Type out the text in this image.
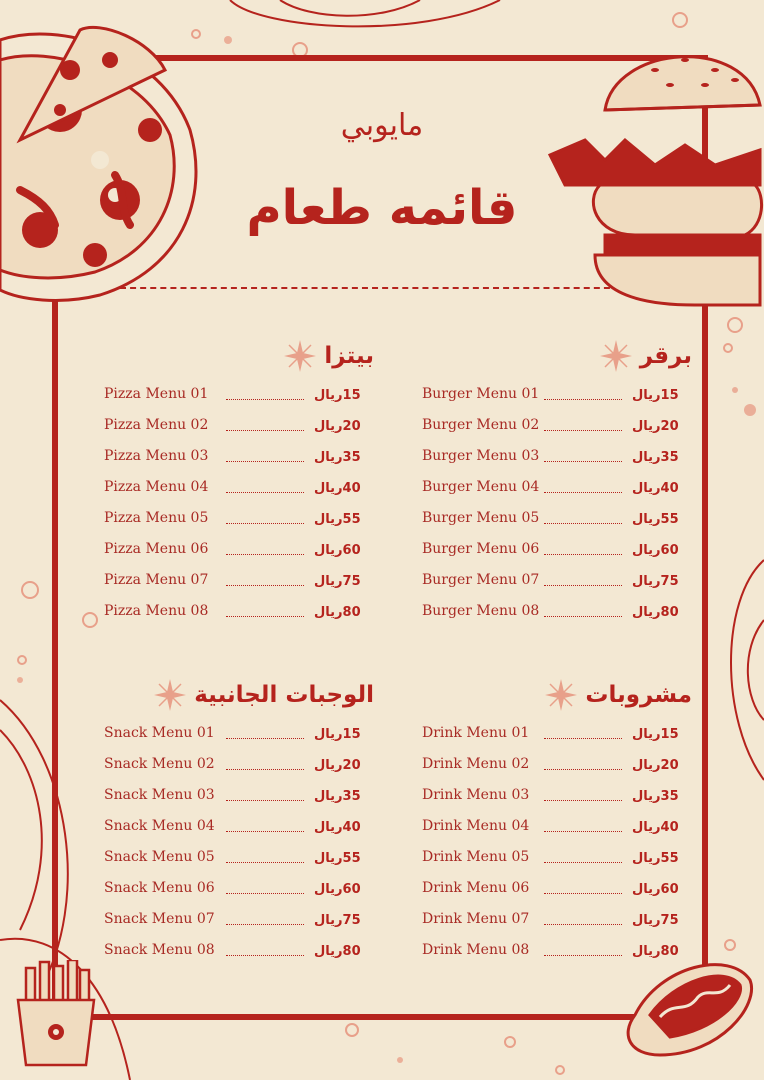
مايوبي
قائمه طعام
بيتزا
Pizza Menu 01	15ريال
Pizza Menu 02	20ريال
Pizza Menu 03	35ريال
Pizza Menu 04	40ريال
Pizza Menu 05	55ريال
Pizza Menu 06	60ريال
Pizza Menu 07	75ريال
Pizza Menu 08	80ريال
برقر
Burger Menu 01	15ريال
Burger Menu 02	20ريال
Burger Menu 03	35ريال
Burger Menu 04	40ريال
Burger Menu 05	55ريال
Burger Menu 06	60ريال
Burger Menu 07	75ريال
Burger Menu 08	80ريال
الوجبات الجانبية
Snack Menu 01	15ريال
Snack Menu 02	20ريال
Snack Menu 03	35ريال
Snack Menu 04	40ريال
Snack Menu 05	55ريال
Snack Menu 06	60ريال
Snack Menu 07	75ريال
Snack Menu 08	80ريال
مشروبات
Drink Menu 01	15ريال
Drink Menu 02	20ريال
Drink Menu 03	35ريال
Drink Menu 04	40ريال
Drink Menu 05	55ريال
Drink Menu 06	60ريال
Drink Menu 07	75ريال
Drink Menu 08	80ريال
